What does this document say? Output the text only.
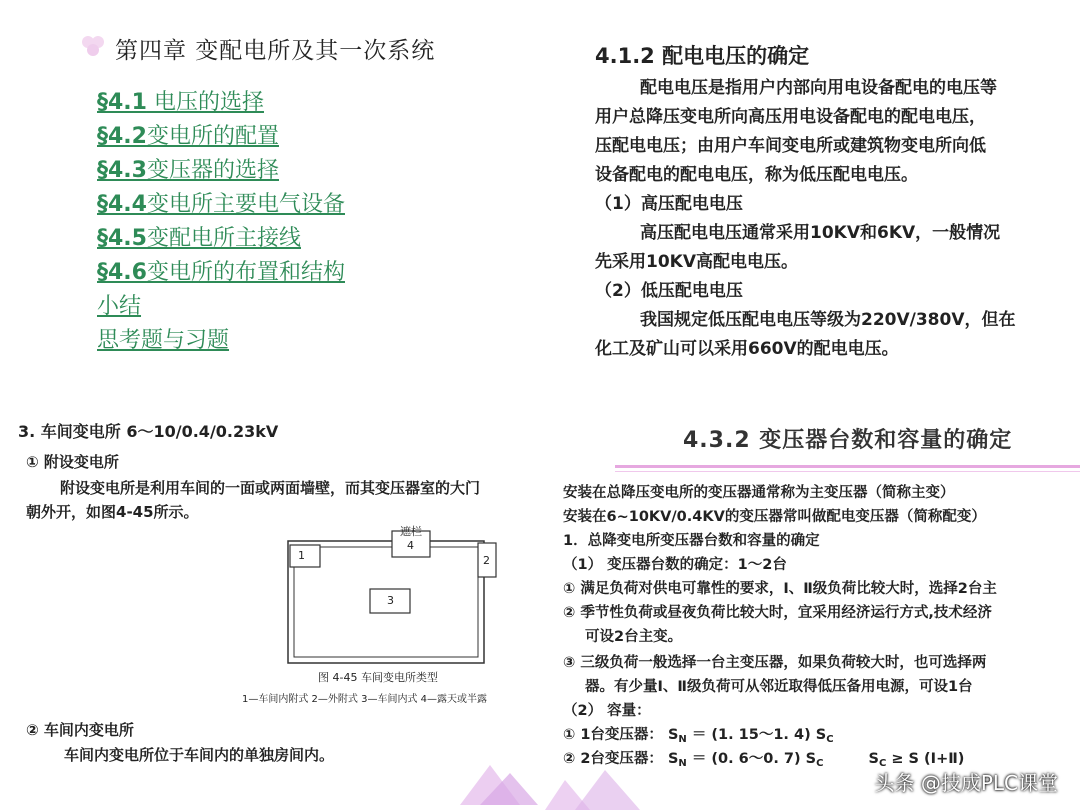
第四章 变配电所及其一次系统
§4.1 电压的选择
§4.2变电所的配置
§4.3变压器的选择
§4.4变电所主要电气设备
§4.5变配电所主接线
§4.6变电所的布置和结构
小结
思考题与习题
4.1.2 配电电压的确定
配电电压是指用户内部向用电设备配电的电压等
用户总降压变电所向高压用电设备配电的配电电压，
压配电电压；由用户车间变电所或建筑物变电所向低
设备配电的配电电压，称为低压配电电压。
（1）高压配电电压
高压配电电压通常采用10KV和6KV，一般情况
先采用10KV高配电电压。
（2）低压配电电压
我国规定低压配电电压等级为220V/380V，但在
化工及矿山可以采用660V的配电电压。
3. 车间变电所 6～10/0.4/0.23kV
① 附设变电所
附设变电所是利用车间的一面或两面墙壁，而其变压器室的大门
朝外开，如图4-45所示。
遮栏
1
4
2
3
图 4-45 车间变电所类型
1—车间内附式 2—外附式 3—车间内式 4—露天或半露
② 车间内变电所
车间内变电所位于车间内的单独房间内。
4.3.2 变压器台数和容量的确定
安装在总降压变电所的变压器通常称为主变压器（简称主变）
安装在6~10KV/0.4KV的变压器常叫做配电变压器（简称配变）
1．总降变电所变压器台数和容量的确定
（1） 变压器台数的确定：1～2台
① 满足负荷对供电可靠性的要求，Ⅰ、Ⅱ级负荷比较大时，选择2台主
② 季节性负荷或昼夜负荷比较大时，宜采用经济运行方式,技术经济
可设2台主变。
③ 三级负荷一般选择一台主变压器，如果负荷较大时，也可选择两
器。有少量Ⅰ、Ⅱ级负荷可从邻近取得低压备用电源，可设1台
（2） 容量：
① 1台变压器： $S_N = (1$. 15～1. 4) $S_C$
② 2台变压器： $S_N = (0$. 6～0. 7) $S_C$	$S_C \ge S$ (Ⅰ+Ⅱ)
头条 @技成PLC课堂
